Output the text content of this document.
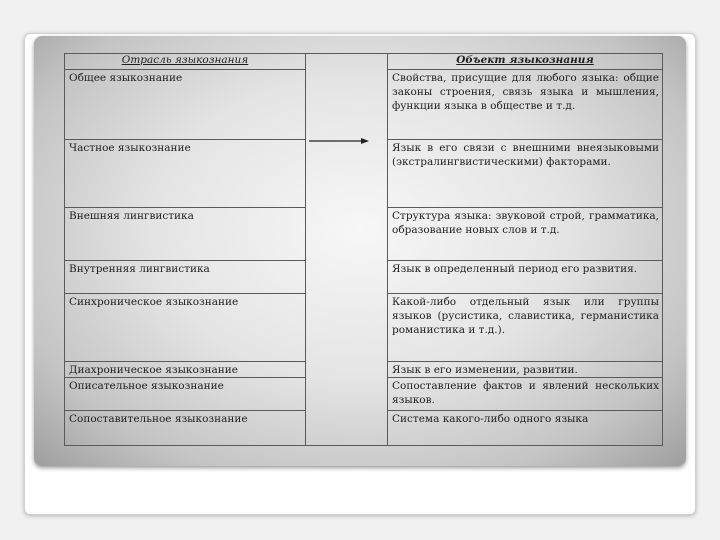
Отрасль языкознания		Объект языкознания
Общее языкознание		Свойства, присущие для любого языка: общие законы строения, связь языка и мышления, функции языка в обществе и т.д.
Частное языкознание		Язык в его связи с внешними внеязыковыми (экстралингвистическими) факторами.
Внешняя лингвистика		Структура языка: звуковой строй, грамматика, образование новых слов и т.д.
Внутренняя лингвистика		Язык в определенный период его развития.
Синхроническое языкознание		Какой-либо отдельный язык или группы языков (русистика, славистика, германистика романистика и т.д.).
Диахроническое языкознание		Язык в его изменении, развитии.
Описательное языкознание		Сопоставление фактов и явлений нескольких языков.
Сопоставительное языкознание		Система какого-либо одного языка
